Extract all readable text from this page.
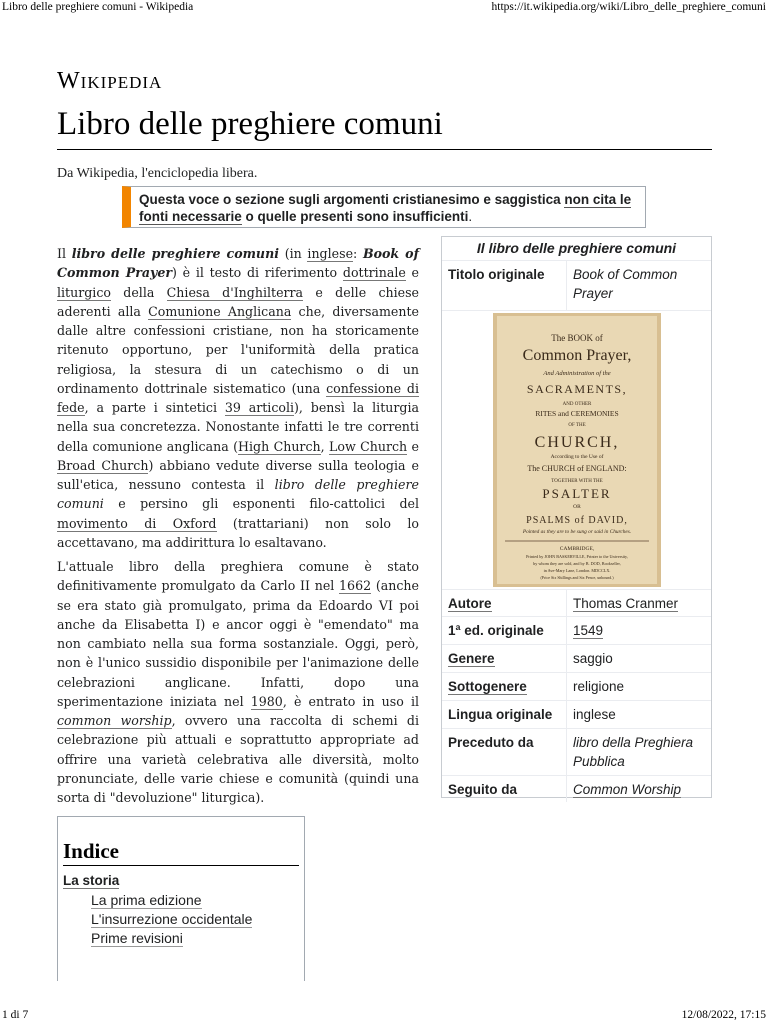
Libro delle preghiere comuni - Wikipedia	https://it.wikipedia.org/wiki/Libro_delle_preghiere_comuni
Wikipedia
Libro delle preghiere comuni
Da Wikipedia, l'enciclopedia libera.
Questa voce o sezione sugli argomenti cristianesimo e saggistica non cita le fonti necessarie o quelle presenti sono insufficienti.

Il libro delle preghiere comuni (in inglese: Book of Common Prayer) è il testo di riferimento dottrinale e liturgico della Chiesa d'Inghilterra e delle chiese aderenti alla Comunione Anglicana che, diversamente dalle altre confessioni cristiane, non ha storicamente ritenuto opportuno, per l'uniformità della pratica religiosa, la stesura di un catechismo o di un ordinamento dottrinale sistematico (una confessione di fede, a parte i sintetici 39 articoli), bensì la liturgia nella sua concretezza. Nonostante infatti le tre correnti della comunione anglicana (High Church, Low Church e Broad Church) abbiano vedute diverse sulla teologia e sull'etica, nessuno contesta il libro delle preghiere comuni e persino gli esponenti filo-cattolici del movimento di Oxford (trattariani) non solo lo accettavano, ma addirittura lo esaltavano.

L'attuale libro della preghiera comune è stato definitivamente promulgato da Carlo II nel 1662 (anche se era stato già promulgato, prima da Edoardo VI poi anche da Elisabetta I) e ancor oggi è "emendato" ma non cambiato nella sua forma sostanziale. Oggi, però, non è l'unico sussidio disponibile per l'animazione delle celebrazioni anglicane. Infatti, dopo una sperimentazione iniziata nel 1980, è entrato in uso il common worship, ovvero una raccolta di schemi di celebrazione più attuali e soprattutto appropriate ad offrire una varietà celebrativa alle diversità, molto pronunciate, delle varie chiese e comunità (quindi una sorta di "devoluzione" liturgica).

Il libro delle preghiere comuni
Titolo originale	Book of Common Prayer
The BOOK of
Common Prayer,
And Administration of the
SACRAMENTS,
AND OTHER
RITES and CEREMONIES
OF THE
CHURCH,
According to the Use of
The CHURCH of ENGLAND:
TOGETHER WITH THE
PSALTER
OR
PSALMS of DAVID,
Pointed as they are to be sung or said in Churches.
CAMBRIDGE,
Printed by JOHN BASKERVILLE, Printer to the University,
by whom they are sold, and by B. DOD, Bookseller,
in Ave-Mary Lane, London. MDCCLX.
(Price Six Shillings and Six Pence, unbound.)
Autore	Thomas Cranmer
1ª ed. originale	1549
Genere	saggio
Sottogenere	religione
Lingua originale	inglese
Preceduto da	libro della Preghiera Pubblica
Seguito da	Common Worship
Indice
La storia
La prima edizione
L'insurrezione occidentale
Prime revisioni
1 di 7	12/08/2022, 17:15
